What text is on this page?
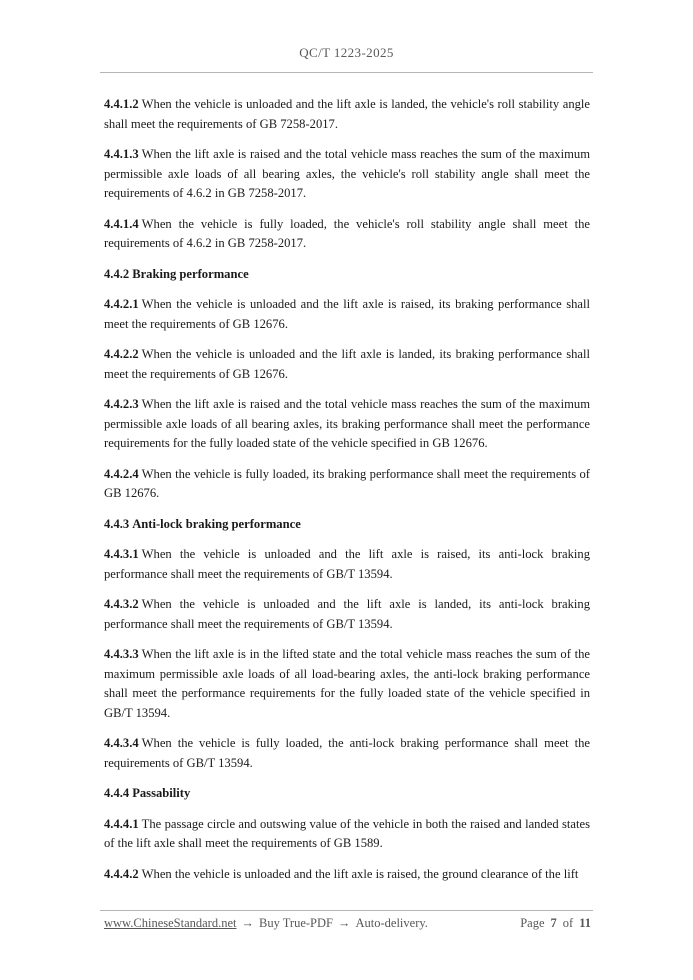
QC/T 1223-2025

4.4.1.2 When the vehicle is unloaded and the lift axle is landed, the vehicle's roll stability angle shall meet the requirements of GB 7258-2017.

4.4.1.3 When the lift axle is raised and the total vehicle mass reaches the sum of the maximum permissible axle loads of all bearing axles, the vehicle's roll stability angle shall meet the requirements of 4.6.2 in GB 7258-2017.

4.4.1.4 When the vehicle is fully loaded, the vehicle's roll stability angle shall meet the requirements of 4.6.2 in GB 7258-2017.

4.4.2 Braking performance

4.4.2.1 When the vehicle is unloaded and the lift axle is raised, its braking performance shall meet the requirements of GB 12676.

4.4.2.2 When the vehicle is unloaded and the lift axle is landed, its braking performance shall meet the requirements of GB 12676.

4.4.2.3 When the lift axle is raised and the total vehicle mass reaches the sum of the maximum permissible axle loads of all bearing axles, its braking performance shall meet the performance requirements for the fully loaded state of the vehicle specified in GB 12676.

4.4.2.4 When the vehicle is fully loaded, its braking performance shall meet the requirements of GB 12676.

4.4.3 Anti-lock braking performance

4.4.3.1 When the vehicle is unloaded and the lift axle is raised, its anti-lock braking performance shall meet the requirements of GB/T 13594.

4.4.3.2 When the vehicle is unloaded and the lift axle is landed, its anti-lock braking performance shall meet the requirements of GB/T 13594.

4.4.3.3 When the lift axle is in the lifted state and the total vehicle mass reaches the sum of the maximum permissible axle loads of all load-bearing axles, the anti-lock braking performance shall meet the performance requirements for the fully loaded state of the vehicle specified in GB/T 13594.

4.4.3.4 When the vehicle is fully loaded, the anti-lock braking performance shall meet the requirements of GB/T 13594.

4.4.4 Passability

4.4.4.1 The passage circle and outswing value of the vehicle in both the raised and landed states of the lift axle shall meet the requirements of GB 1589.

4.4.4.2 When the vehicle is unloaded and the lift axle is raised, the ground clearance of the lift

www.ChineseStandard.net → Buy True-PDF → Auto-delivery.	Page 7 of 11
